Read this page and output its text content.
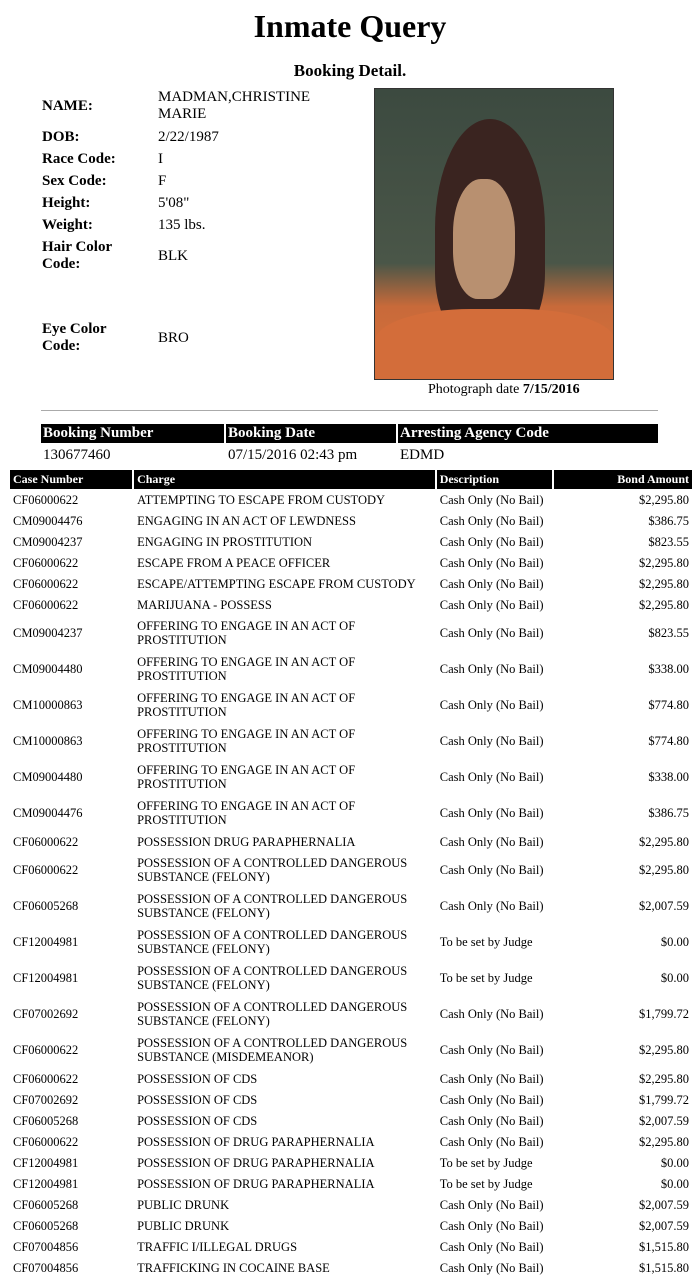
Inmate Query
Booking Detail.
NAME:
MADMAN,CHRISTINE MARIE
DOB:	2/22/1987
Race Code:	I
Sex Code:	F
Height:	5'08"
Weight:	135 lbs.
Hair Color Code:	BLK
Eye Color Code:	BRO
Photograph date 7/15/2016
Booking Number	Booking Date	Arresting Agency Code
130677460	07/15/2016 02:43 pm	EDMD
Case Number	Charge	Description	Bond Amount
CF06000622	ATTEMPTING TO ESCAPE FROM CUSTODY	Cash Only (No Bail)	$2,295.80
CM09004476	ENGAGING IN AN ACT OF LEWDNESS	Cash Only (No Bail)	$386.75
CM09004237	ENGAGING IN PROSTITUTION	Cash Only (No Bail)	$823.55
CF06000622	ESCAPE FROM A PEACE OFFICER	Cash Only (No Bail)	$2,295.80
CF06000622	ESCAPE/ATTEMPTING ESCAPE FROM CUSTODY	Cash Only (No Bail)	$2,295.80
CF06000622	MARIJUANA - POSSESS	Cash Only (No Bail)	$2,295.80
CM09004237	OFFERING TO ENGAGE IN AN ACT OF PROSTITUTION	Cash Only (No Bail)	$823.55
CM09004480	OFFERING TO ENGAGE IN AN ACT OF PROSTITUTION	Cash Only (No Bail)	$338.00
CM10000863	OFFERING TO ENGAGE IN AN ACT OF PROSTITUTION	Cash Only (No Bail)	$774.80
CM10000863	OFFERING TO ENGAGE IN AN ACT OF PROSTITUTION	Cash Only (No Bail)	$774.80
CM09004480	OFFERING TO ENGAGE IN AN ACT OF PROSTITUTION	Cash Only (No Bail)	$338.00
CM09004476	OFFERING TO ENGAGE IN AN ACT OF PROSTITUTION	Cash Only (No Bail)	$386.75
CF06000622	POSSESSION DRUG PARAPHERNALIA	Cash Only (No Bail)	$2,295.80
CF06000622	POSSESSION OF A CONTROLLED DANGEROUS SUBSTANCE (FELONY)	Cash Only (No Bail)	$2,295.80
CF06005268	POSSESSION OF A CONTROLLED DANGEROUS SUBSTANCE (FELONY)	Cash Only (No Bail)	$2,007.59
CF12004981	POSSESSION OF A CONTROLLED DANGEROUS SUBSTANCE (FELONY)	To be set by Judge	$0.00
CF12004981	POSSESSION OF A CONTROLLED DANGEROUS SUBSTANCE (FELONY)	To be set by Judge	$0.00
CF07002692	POSSESSION OF A CONTROLLED DANGEROUS SUBSTANCE (FELONY)	Cash Only (No Bail)	$1,799.72
CF06000622	POSSESSION OF A CONTROLLED DANGEROUS SUBSTANCE (MISDEMEANOR)	Cash Only (No Bail)	$2,295.80
CF06000622	POSSESSION OF CDS	Cash Only (No Bail)	$2,295.80
CF07002692	POSSESSION OF CDS	Cash Only (No Bail)	$1,799.72
CF06005268	POSSESSION OF CDS	Cash Only (No Bail)	$2,007.59
CF06000622	POSSESSION OF DRUG PARAPHERNALIA	Cash Only (No Bail)	$2,295.80
CF12004981	POSSESSION OF DRUG PARAPHERNALIA	To be set by Judge	$0.00
CF12004981	POSSESSION OF DRUG PARAPHERNALIA	To be set by Judge	$0.00
CF06005268	PUBLIC DRUNK	Cash Only (No Bail)	$2,007.59
CF06005268	PUBLIC DRUNK	Cash Only (No Bail)	$2,007.59
CF07004856	TRAFFIC I/ILLEGAL DRUGS	Cash Only (No Bail)	$1,515.80
CF07004856	TRAFFICKING IN COCAINE BASE	Cash Only (No Bail)	$1,515.80
